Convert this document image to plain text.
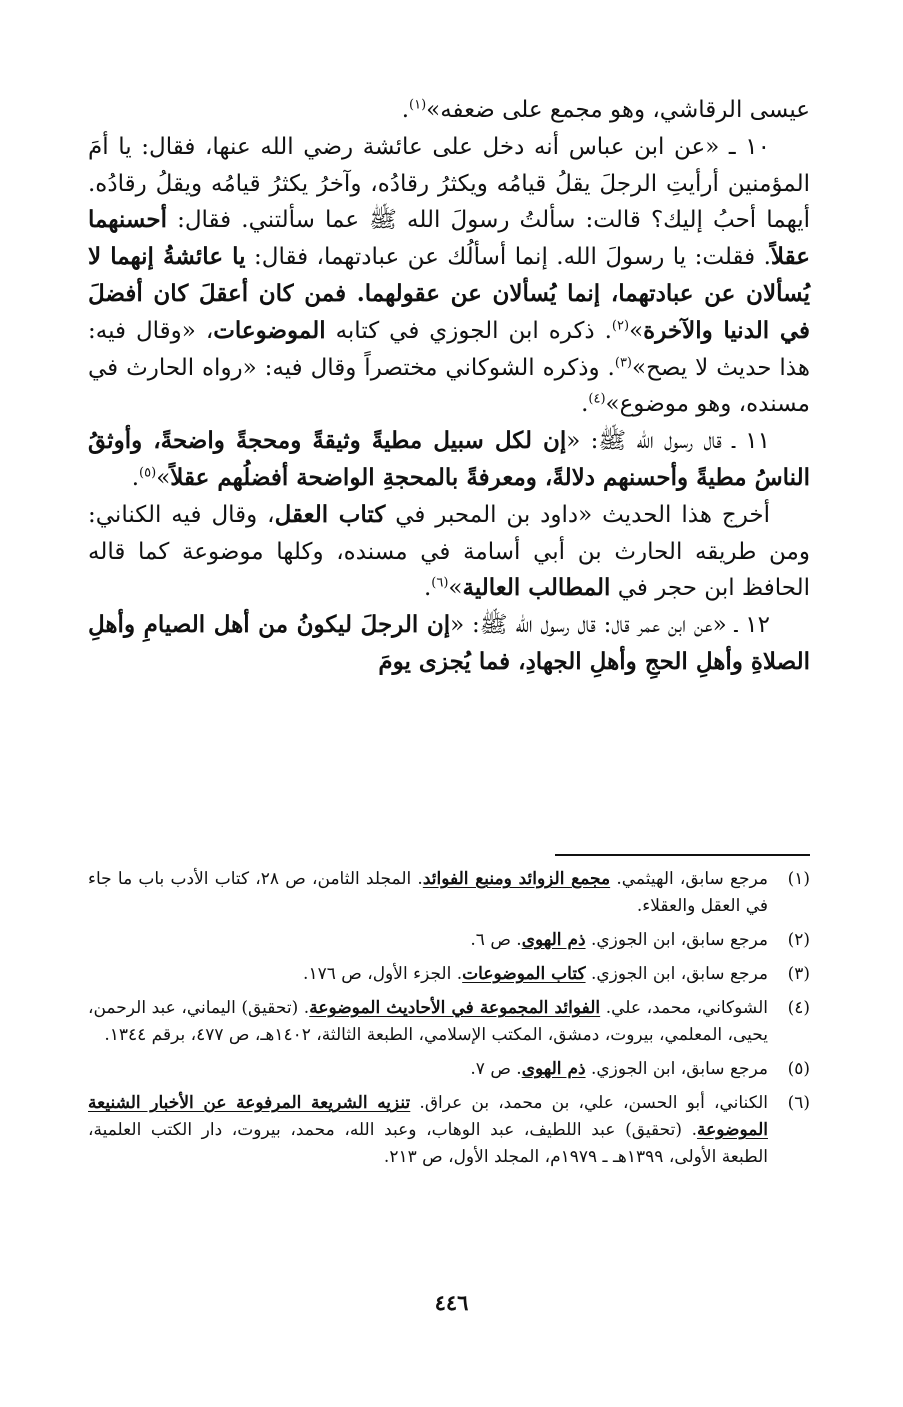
عيسى الرقاشي، وهو مجمع على ضعفه»$^{(١)}$.

١٠ ـ «عن ابن عباس أنه دخل على عائشة رضي الله عنها، فقال: يا أمَ المؤمنين أرأيتِ الرجلَ يقلُ قيامُه ويكثرُ رقادُه، وآخرُ يكثرُ قيامُه ويقلُ رقادُه. أيهما أحبُ إليك؟ قالت: سألتُ رسولَ الله ﷺ عما سألتني. فقال: أحسنهما عقلاً. فقلت: يا رسولَ الله. إنما أسألُك عن عبادتهما، فقال: يا عائشةُ إنهما لا يُسألان عن عبادتهما، إنما يُسألان عن عقولهما. فمن كان أعقلَ كان أفضلَ في الدنيا والآخرة»$^{(٢)}$. ذكره ابن الجوزي في كتابه الموضوعات، «وقال فيه: هذا حديث لا يصح»$^{(٣)}$. وذكره الشوكاني مختصراً وقال فيه: «رواه الحارث في مسنده، وهو موضوع»$^{(٤)}$.

١١ ـ قال رسول الله ﷺ: «إن لكل سبيل مطيةً وثيقةً ومحجةً واضحةً، وأوثقُ الناسُ مطيةً وأحسنهم دلالةً، ومعرفةً بالمحجةِ الواضحة أفضلُهم عقلاً»$^{(٥)}$.

أخرج هذا الحديث «داود بن المحبر في كتاب العقل، وقال فيه الكناني: ومن طريقه الحارث بن أبي أسامة في مسنده، وكلها موضوعة كما قاله الحافظ ابن حجر في المطالب العالية»$^{(٦)}$.

١٢ ـ «عن ابن عمر قال: قال رسول الله ﷺ: «إن الرجلَ ليكونُ من أهل الصيامِ وأهلِ الصلاةِ وأهلِ الحجِ وأهلِ الجهادِ، فما يُجزى يومَ

(١)
مرجع سابق، الهيثمي. مجمع الزوائد ومنبع الفوائد. المجلد الثامن، ص ٢٨، كتاب الأدب باب ما جاء في العقل والعقلاء.
(٢)
مرجع سابق، ابن الجوزي. ذم الهوى. ص ٦.
(٣)
مرجع سابق، ابن الجوزي. كتاب الموضوعات. الجزء الأول، ص ١٧٦.
(٤)
الشوكاني، محمد، علي. الفوائد المجموعة في الأحاديث الموضوعة. (تحقيق) اليماني، عبد الرحمن، يحيى، المعلمي، بيروت، دمشق، المكتب الإسلامي، الطبعة الثالثة، ١٤٠٢هـ، ص ٤٧٧، برقم ١٣٤٤.
(٥)
مرجع سابق، ابن الجوزي. ذم الهوى. ص ٧.
(٦)
الكناني، أبو الحسن، علي، بن محمد، بن عراق. تنزيه الشريعة المرفوعة عن الأخبار الشنيعة الموضوعة. (تحقيق) عبد اللطيف، عبد الوهاب، وعبد الله، محمد، بيروت، دار الكتب العلمية، الطبعة الأولى، ١٣٩٩هـ ـ ١٩٧٩م، المجلد الأول، ص ٢١٣.
٤٤٦
